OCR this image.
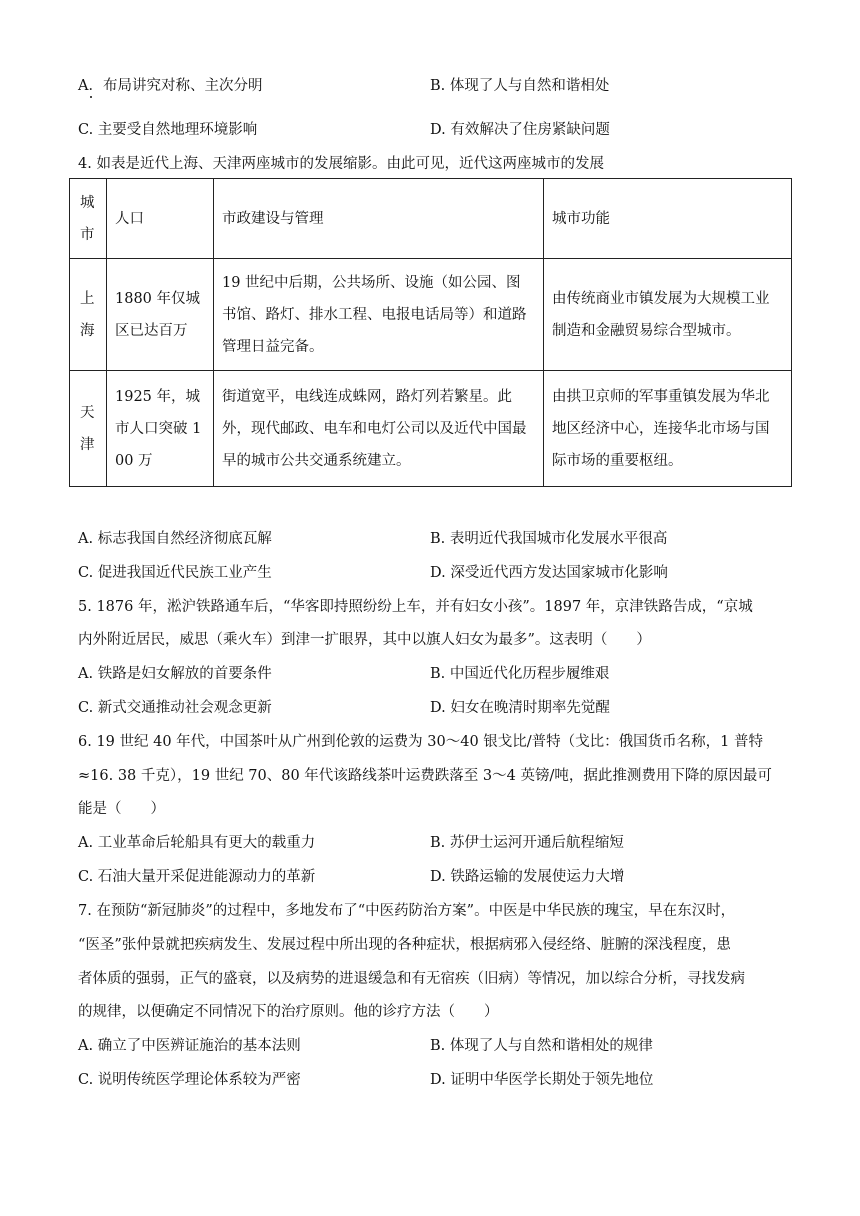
A．布局讲究对称、主次分明	B. 体现了人与自然和谐相处
C. 主要受自然地理环境影响	D. 有效解决了住房紧缺问题
4. 如表是近代上海、天津两座城市的发展缩影。由此可见，近代这两座城市的发展
城市	人口	市政建设与管理	城市功能
上海	1880 年仅城区已达百万	19 世纪中后期，公共场所、设施（如公园、图书馆、路灯、排水工程、电报电话局等）和道路管理日益完备。	由传统商业市镇发展为大规模工业制造和金融贸易综合型城市。
天津	1925 年，城市人口突破 100 万	街道宽平，电线连成蛛网，路灯列若繁星。此外，现代邮政、电车和电灯公司以及近代中国最早的城市公共交通系统建立。	由拱卫京师的军事重镇发展为华北地区经济中心，连接华北市场与国际市场的重要枢纽。
A. 标志我国自然经济彻底瓦解	B. 表明近代我国城市化发展水平很高
C. 促进我国近代民族工业产生	D. 深受近代西方发达国家城市化影响
5. 1876 年，淞沪铁路通车后，“华客即持照纷纷上车，并有妇女小孩”。1897 年，京津铁路告成，“京城
内外附近居民，威思（乘火车）到津一扩眼界，其中以旗人妇女为最多”。这表明（　　）
A. 铁路是妇女解放的首要条件	B. 中国近代化历程步履维艰
C. 新式交通推动社会观念更新	D. 妇女在晚清时期率先觉醒
6. 19 世纪 40 年代，中国茶叶从广州到伦敦的运费为 30～40 银戈比/普特（戈比：俄国货币名称，1 普特
≈16. 38 千克），19 世纪 70、80 年代该路线茶叶运费跌落至 3～4 英镑/吨，据此推测费用下降的原因最可
能是（　　）
A. 工业革命后轮船具有更大的载重力	B. 苏伊士运河开通后航程缩短
C. 石油大量开采促进能源动力的革新	D. 铁路运输的发展使运力大增
7. 在预防“新冠肺炎”的过程中，多地发布了“中医药防治方案”。中医是中华民族的瑰宝，早在东汉时，
“医圣”张仲景就把疾病发生、发展过程中所出现的各种症状，根据病邪入侵经络、脏腑的深浅程度，患
者体质的强弱，正气的盛衰，以及病势的进退缓急和有无宿疾（旧病）等情况，加以综合分析，寻找发病
的规律，以便确定不同情况下的治疗原则。他的诊疗方法（　　）
A. 确立了中医辨证施治的基本法则	B. 体现了人与自然和谐相处的规律
C. 说明传统医学理论体系较为严密	D. 证明中华医学长期处于领先地位
